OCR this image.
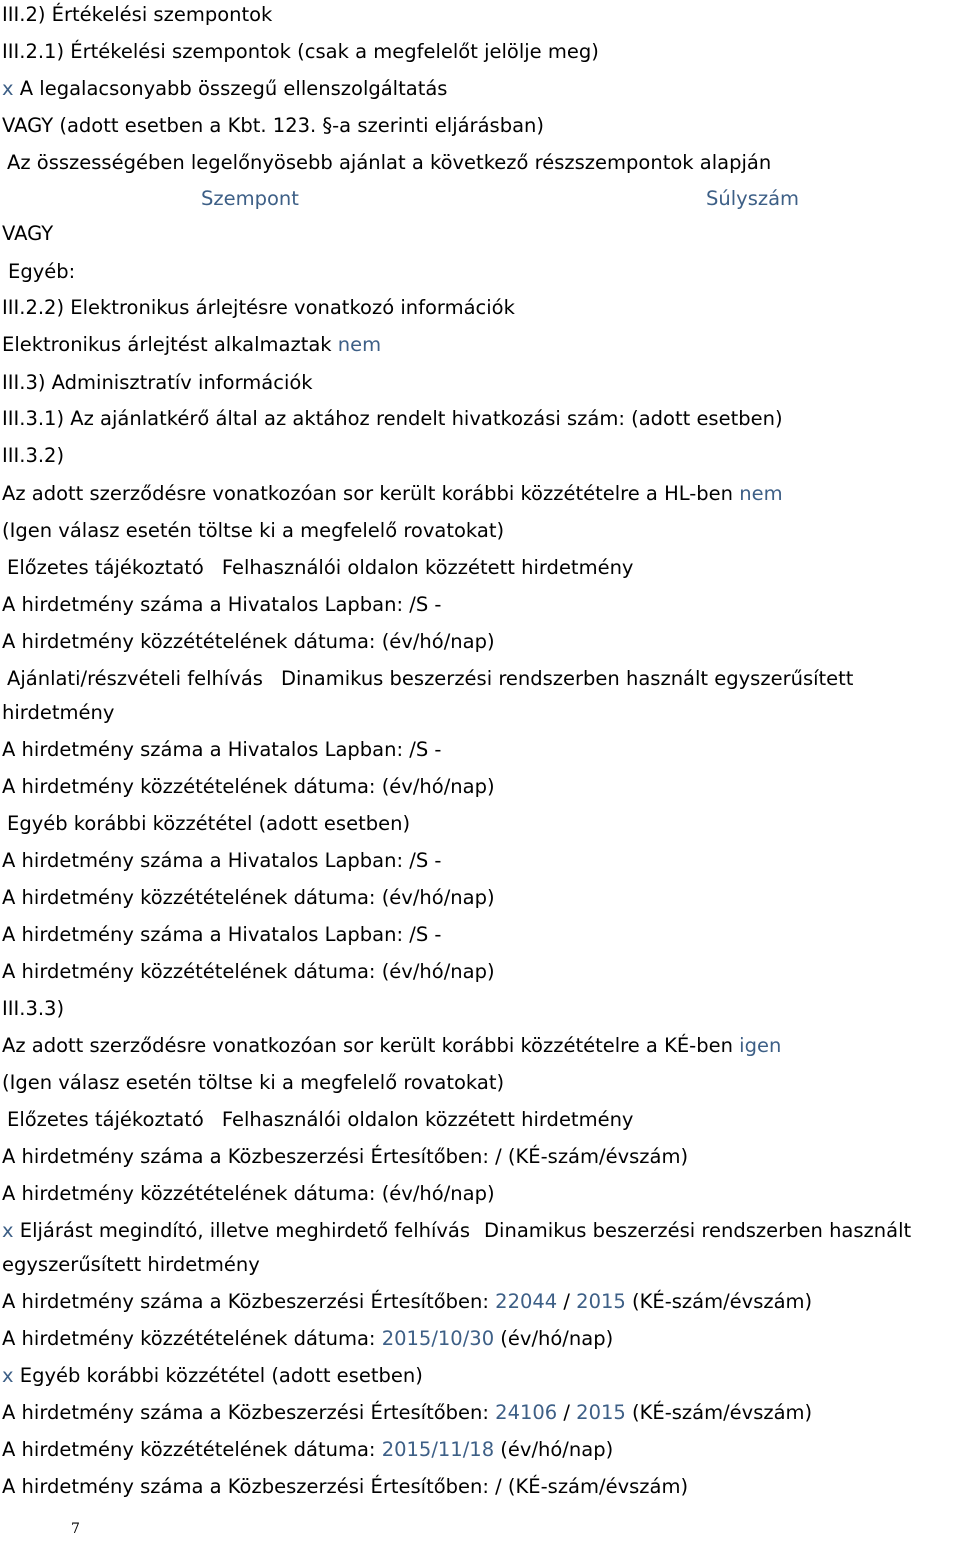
III.2) Értékelési szempontok
III.2.1) Értékelési szempontok (csak a megfelelőt jelölje meg)
x A legalacsonyabb összegű ellenszolgáltatás
VAGY (adott esetben a Kbt. 123. §-a szerinti eljárásban)
Az összességében legelőnyösebb ajánlat a következő részszempontok alapján
Szempont	Súlyszám
VAGY
Egyéb:
III.2.2) Elektronikus árlejtésre vonatkozó információk
Elektronikus árlejtést alkalmaztak nem
III.3) Adminisztratív információk
III.3.1) Az ajánlatkérő által az aktához rendelt hivatkozási szám: (adott esetben)
III.3.2)
Az adott szerződésre vonatkozóan sor került korábbi közzétételre a HL-ben nem
(Igen válasz esetén töltse ki a megfelelő rovatokat)
Előzetes tájékoztató Felhasználói oldalon közzétett hirdetmény
A hirdetmény száma a Hivatalos Lapban: /S -
A hirdetmény közzétételének dátuma: (év/hó/nap)
Ajánlati/részvételi felhívás Dinamikus beszerzési rendszerben használt egyszerűsített
hirdetmény
A hirdetmény száma a Hivatalos Lapban: /S -
A hirdetmény közzétételének dátuma: (év/hó/nap)
Egyéb korábbi közzététel (adott esetben)
A hirdetmény száma a Hivatalos Lapban: /S -
A hirdetmény közzétételének dátuma: (év/hó/nap)
A hirdetmény száma a Hivatalos Lapban: /S -
A hirdetmény közzétételének dátuma: (év/hó/nap)
III.3.3)
Az adott szerződésre vonatkozóan sor került korábbi közzétételre a KÉ-ben igen
(Igen válasz esetén töltse ki a megfelelő rovatokat)
Előzetes tájékoztató Felhasználói oldalon közzétett hirdetmény
A hirdetmény száma a Közbeszerzési Értesítőben: / (KÉ-szám/évszám)
A hirdetmény közzétételének dátuma: (év/hó/nap)
x Eljárást megindító, illetve meghirdető felhívás Dinamikus beszerzési rendszerben használt
egyszerűsített hirdetmény
A hirdetmény száma a Közbeszerzési Értesítőben: 22044 / 2015 (KÉ-szám/évszám)
A hirdetmény közzétételének dátuma: 2015/10/30 (év/hó/nap)
x Egyéb korábbi közzététel (adott esetben)
A hirdetmény száma a Közbeszerzési Értesítőben: 24106 / 2015 (KÉ-szám/évszám)
A hirdetmény közzétételének dátuma: 2015/11/18 (év/hó/nap)
A hirdetmény száma a Közbeszerzési Értesítőben: / (KÉ-szám/évszám)
7
